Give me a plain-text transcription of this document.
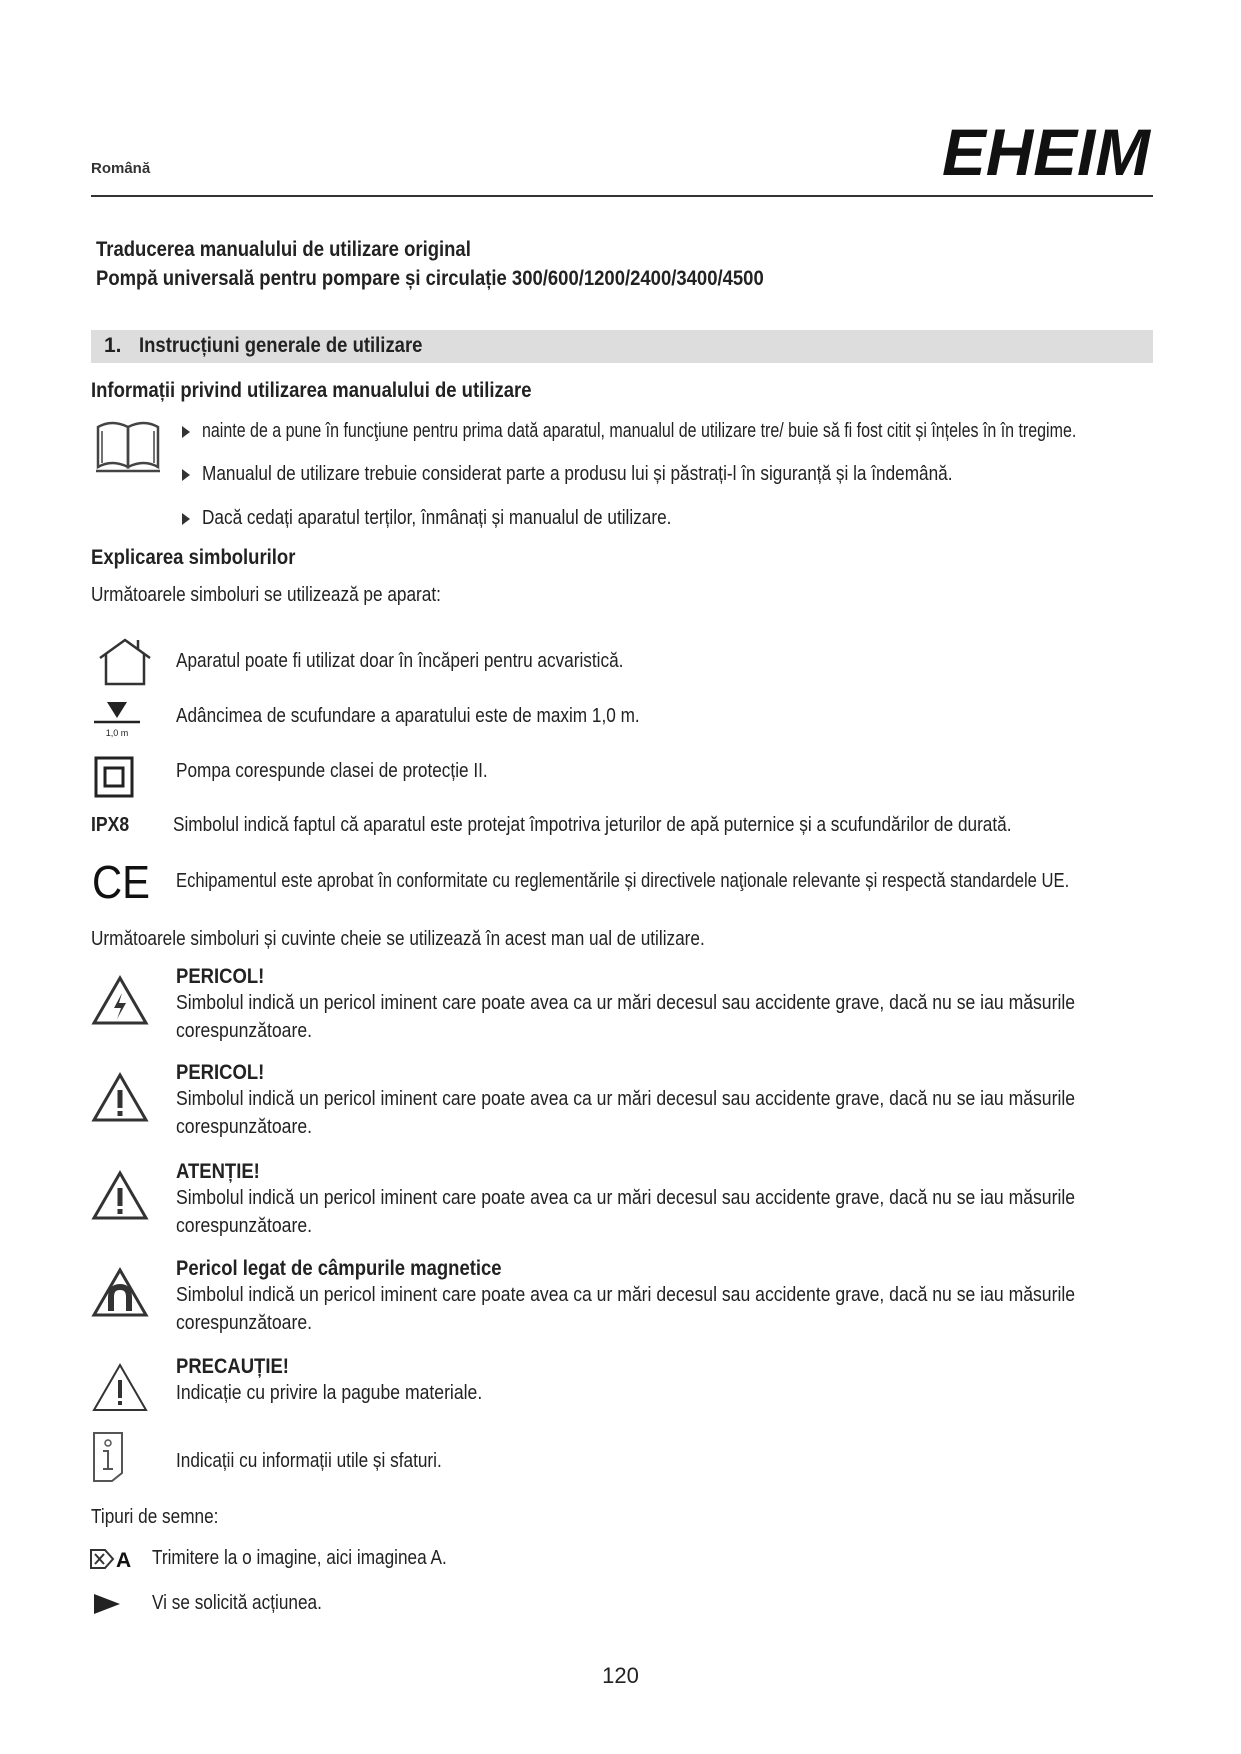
Română	EHEIM
Traducerea manualului de utilizare original
Pompă universală pentru pompare și circulație 300/600/1200/2400/3400/4500
1. Instrucțiuni generale de utilizare
Informații privind utilizarea manualului de utilizare
nainte de a pune în funcţiune pentru prima dată aparatul, manualul de utilizare tre/ buie să fi fost citit și înțeles în în tregime.
Manualul de utilizare trebuie considerat parte a produsu lui și păstrați-l în siguranță și la îndemână.
Dacă cedați aparatul terților, înmânați și manualul de utilizare.
Explicarea simbolurilor
Următoarele simboluri se utilizează pe aparat:
Aparatul poate fi utilizat doar în încăperi pentru acvaristică.
1,0 m
Adâncimea de scufundare a aparatului este de maxim 1,0 m.
Pompa corespunde clasei de protecție II.
IPX8 Simbolul indică faptul că aparatul este protejat împotriva jeturilor de apă puternice și a scufundărilor de durată.
CE Echipamentul este aprobat în conformitate cu reglementările și directivele naţionale relevante și respectă standardele UE.
Următoarele simboluri și cuvinte cheie se utilizează în acest man ual de utilizare.
PERICOL!
Simbolul indică un pericol iminent care poate avea ca ur mări decesul sau accidente grave, dacă nu se iau măsurile corespunzătoare.
PERICOL!
Simbolul indică un pericol iminent care poate avea ca ur mări decesul sau accidente grave, dacă nu se iau măsurile corespunzătoare.
ATENȚIE!
Simbolul indică un pericol iminent care poate avea ca ur mări decesul sau accidente grave, dacă nu se iau măsurile corespunzătoare.
Pericol legat de câmpurile magnetice
Simbolul indică un pericol iminent care poate avea ca ur mări decesul sau accidente grave, dacă nu se iau măsurile corespunzătoare.
PRECAUȚIE!
Indicație cu privire la pagube materiale.
Indicații cu informații utile și sfaturi.
Tipuri de semne:
A Trimitere la o imagine, aici imaginea A.
Vi se solicită acțiunea.
120
